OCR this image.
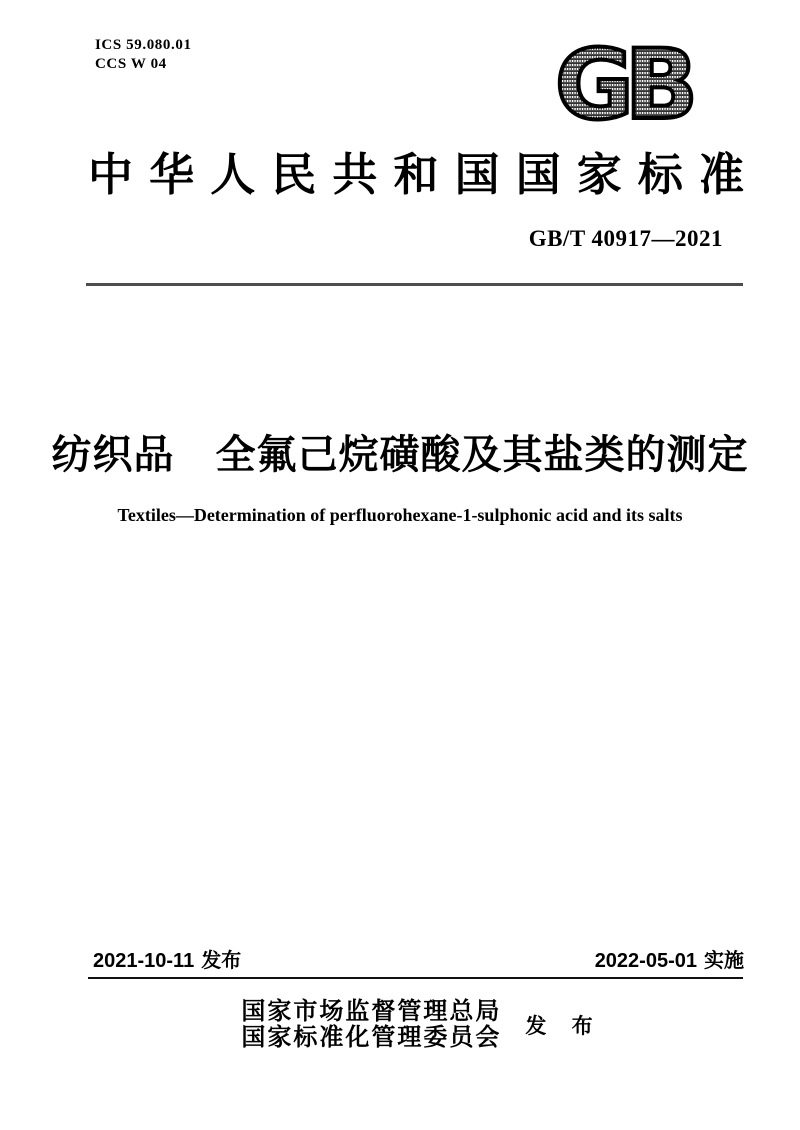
ICS 59.080.01
CCS W 04	GB
中华人民共和国国家标准
GB/T 40917—2021
纺织品　全氟己烷磺酸及其盐类的测定
Textiles—Determination of perfluorohexane-1-sulphonic acid and its salts
2021-10-11 发布	2022-05-01 实施
国家市场监督管理总局
国家标准化管理委员会 发 布
